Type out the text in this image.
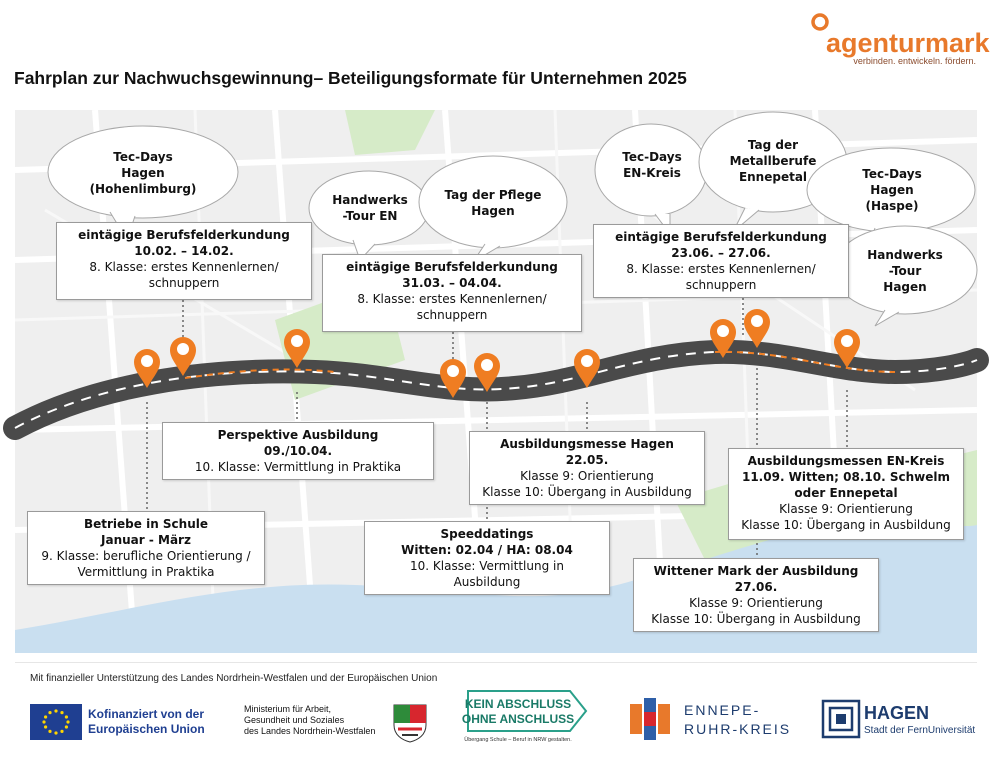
Fahrplan zur Nachwuchsgewinnung– Beteiligungsformate für Unternehmen 2025
agenturmark
verbinden. entwickeln. fördern.
Tec-Days
Hagen
(Hohenlimburg)
Handwerks
-Tour EN
Tag der Pflege
Hagen
Tec-Days
EN-Kreis
Tag der
Metallberufe
Ennepetal	Tec-Days
Hagen
(Haspe)
Handwerks
-Tour
Hagen
eintägige Berufsfelderkundung
10.02. – 14.02.
8. Klasse: erstes Kennenlernen/
schnuppern
eintägige Berufsfelderkundung
31.03. – 04.04.
8. Klasse: erstes Kennenlernen/
schnuppern
eintägige Berufsfelderkundung
23.06. – 27.06.
8. Klasse: erstes Kennenlernen/
schnuppern
Perspektive Ausbildung
09./10.04.
10. Klasse: Vermittlung in Praktika
Betriebe in Schule
Januar - März
9. Klasse: berufliche Orientierung /
Vermittlung in Praktika
Speeddatings
Witten: 02.04 / HA: 08.04
10. Klasse: Vermittlung in
Ausbildung
Ausbildungsmesse Hagen
22.05.
Klasse 9: Orientierung
Klasse 10: Übergang in Ausbildung
Ausbildungsmessen EN-Kreis
11.09. Witten; 08.10. Schwelm
oder Ennepetal
Klasse 9: Orientierung
Klasse 10: Übergang in Ausbildung
Wittener Mark der Ausbildung
27.06.
Klasse 9: Orientierung
Klasse 10: Übergang in Ausbildung
Mit finanzieller Unterstützung des Landes Nordrhein-Westfalen und der Europäischen Union
Kofinanziert von der
Europäischen Union
Ministerium für Arbeit,
Gesundheit und Soziales
des Landes Nordrhein-Westfalen
KEIN ABSCHLUSS
OHNE ANSCHLUSS
Übergang Schule – Beruf in NRW gestalten.
ENNEPE-
RUHR-KREIS
HAGEN
Stadt der FernUniversität
